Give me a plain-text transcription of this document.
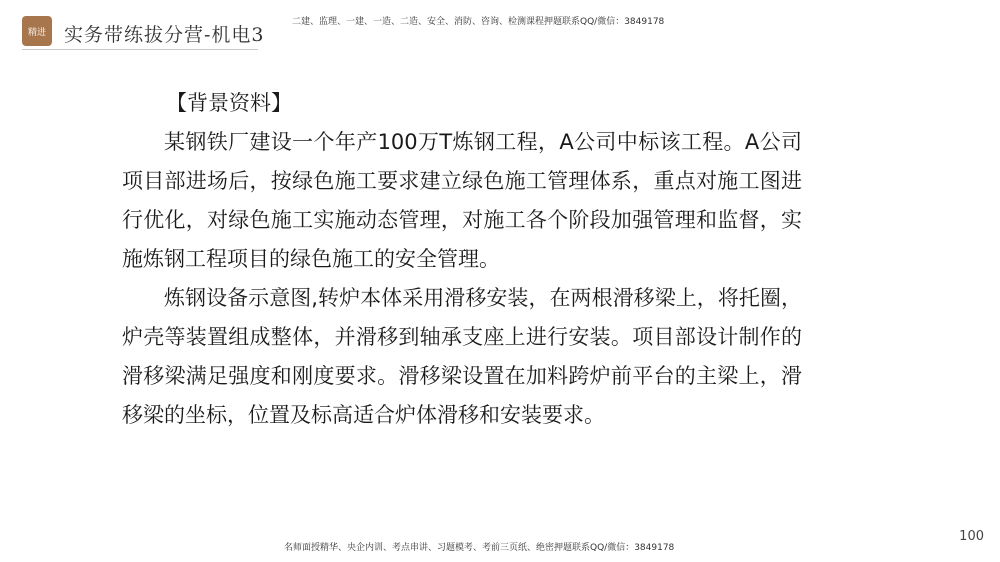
精进 实务带练拔分营-机电3
二建、监理、一建、一造、二造、安全、消防、咨询、检测课程押题联系QQ/微信：3849178

【背景资料】

某钢铁厂建设一个年产100万T炼钢工程，A公司中标该工程。A公司项目部进场后，按绿色施工要求建立绿色施工管理体系，重点对施工图进行优化，对绿色施工实施动态管理，对施工各个阶段加强管理和监督，实施炼钢工程项目的绿色施工的安全管理。

炼钢设备示意图,转炉本体采用滑移安装，在两根滑移梁上，将托圈，炉壳等装置组成整体，并滑移到轴承支座上进行安装。项目部设计制作的滑移梁满足强度和刚度要求。滑移梁设置在加料跨炉前平台的主梁上，滑移梁的坐标，位置及标高适合炉体滑移和安装要求。

名师面授精华、央企内训、考点串讲、习题模考、考前三页纸、绝密押题联系QQ/微信：3849178
100
